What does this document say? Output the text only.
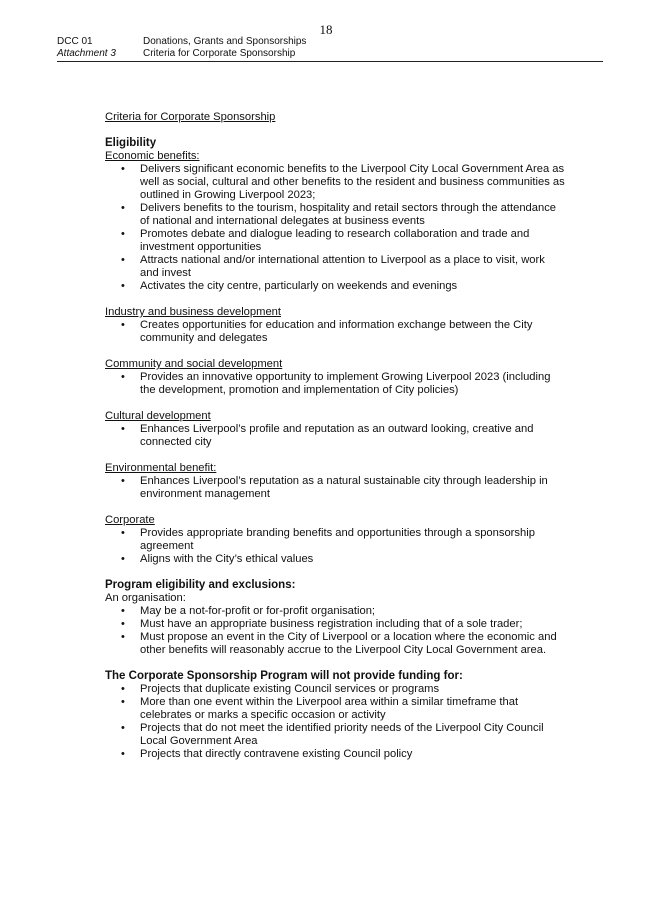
18
DCC 01
Attachment 3
Donations, Grants and Sponsorships
Criteria for Corporate Sponsorship
Criteria for Corporate Sponsorship
Eligibility
Economic benefits:
• Delivers significant economic benefits to the Liverpool City Local Government Area as well as social, cultural and other benefits to the resident and business communities as outlined in Growing Liverpool 2023;
• Delivers benefits to the tourism, hospitality and retail sectors through the attendance of national and international delegates at business events
• Promotes debate and dialogue leading to research collaboration and trade and investment opportunities
• Attracts national and/or international attention to Liverpool as a place to visit, work and invest
• Activates the city centre, particularly on weekends and evenings
Industry and business development
• Creates opportunities for education and information exchange between the City community and delegates
Community and social development
• Provides an innovative opportunity to implement Growing Liverpool 2023 (including the development, promotion and implementation of City policies)
Cultural development
• Enhances Liverpool’s profile and reputation as an outward looking, creative and connected city
Environmental benefit:
• Enhances Liverpool’s reputation as a natural sustainable city through leadership in environment management
Corporate
• Provides appropriate branding benefits and opportunities through a sponsorship agreement
• Aligns with the City’s ethical values
Program eligibility and exclusions:
An organisation:
• May be a not-for-profit or for-profit organisation;
• Must have an appropriate business registration including that of a sole trader;
• Must propose an event in the City of Liverpool or a location where the economic and other benefits will reasonably accrue to the Liverpool City Local Government area.
The Corporate Sponsorship Program will not provide funding for:
• Projects that duplicate existing Council services or programs
• More than one event within the Liverpool area within a similar timeframe that celebrates or marks a specific occasion or activity
• Projects that do not meet the identified priority needs of the Liverpool City Council Local Government Area
• Projects that directly contravene existing Council policy
